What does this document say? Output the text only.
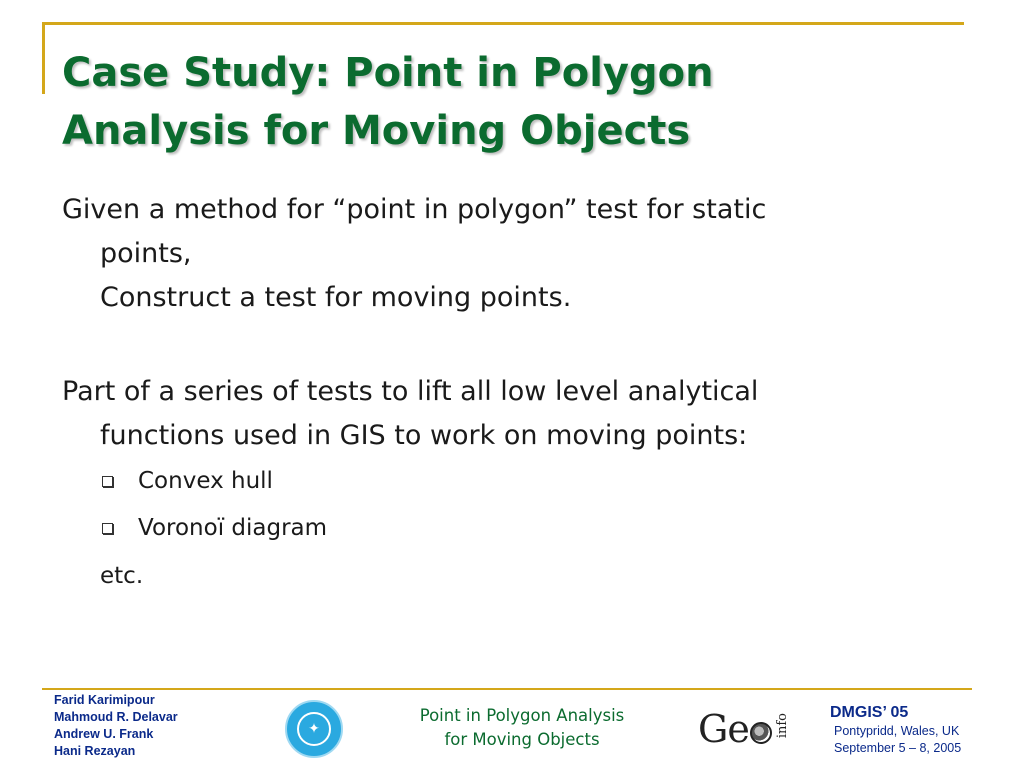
Case Study: Point in Polygon
Analysis for Moving Objects
Given a method for “point in polygon” test for static
points,
Construct a test for moving points.
Part of a series of tests to lift all low level analytical
functions used in GIS to work on moving points:
Convex hull
Voronoï diagram
etc.
Farid Karimipour
Mahmoud R. Delavar
Andrew U. Frank
Hani Rezayan
✦
Point in Polygon Analysis
for Moving Objects	Ge info
DMGIS’ 05
Pontypridd, Wales, UK
September 5 – 8, 2005
